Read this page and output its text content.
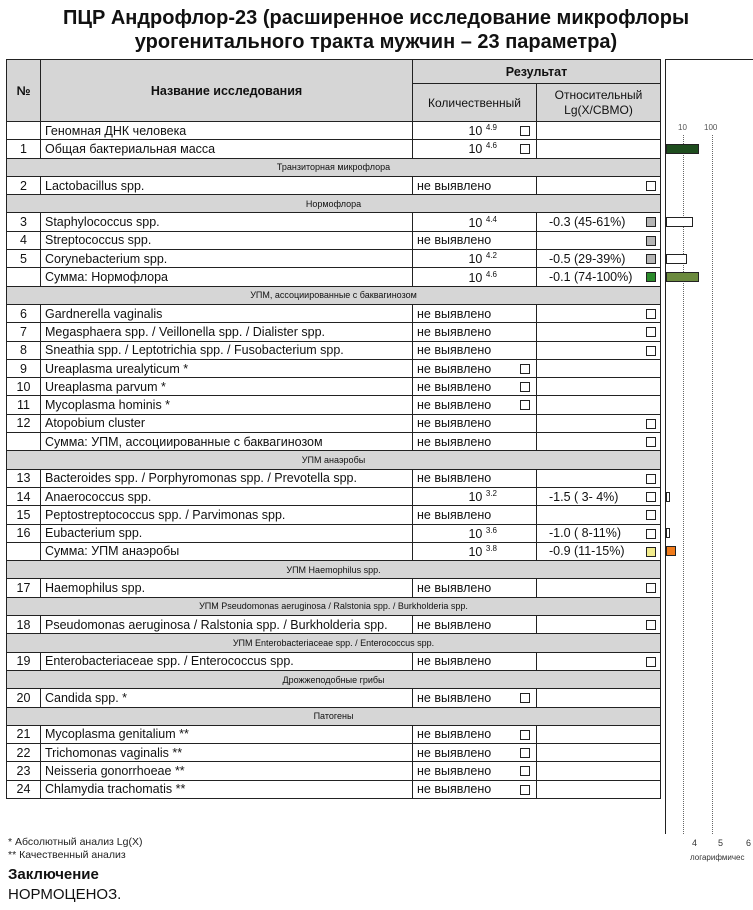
ПЦР Андрофлор-23 (расширенное исследование микрофлоры
урогенитального тракта мужчин – 23 параметра)
№	Название исследования	Результат	
		Количественный	Относительный
Lg(X/СВМО)

	Геномная ДНК человека	10 $^{4.9}$

1	Общая бактериальная масса	10 $^{4.6}$

Транзиторная микрофлора			
2	Lactobacillus spp.	не выявлено	

Нормофлора			
3	Staphylococcus spp.	10 $^{4.4}$	-0.3 (45-61%)

4	Streptococcus spp.	не выявлено	

5	Corynebacterium spp.	10 $^{4.2}$	-0.5 (29-39%)

	Сумма: Нормофлора	10 $^{4.6}$	-0.1 (74-100%)

УПМ, ассоциированные с баквагинозом			
6	Gardnerella vaginalis	не выявлено	

7	Megasphaera spp. / Veillonella spp. / Dialister spp.	не выявлено	

8	Sneathia spp. / Leptotrichia spp. / Fusobacterium spp.	не выявлено	

9	Ureaplasma urealyticum *	не выявлено

10	Ureaplasma parvum *	не выявлено

11	Mycoplasma hominis *	не выявлено

12	Atopobium cluster	не выявлено	

	Сумма: УПМ, ассоциированные с баквагинозом	не выявлено	

УПМ анаэробы			
13	Bacteroides spp. / Porphyromonas spp. / Prevotella spp.	не выявлено	

14	Anaerococcus spp.	10 $^{3.2}$	-1.5 ( 3- 4%)

15	Peptostreptococcus spp. / Parvimonas spp.	не выявлено	

16	Eubacterium spp.	10 $^{3.6}$	-1.0 ( 8-11%)

	Сумма: УПМ анаэробы	10 $^{3.8}$	-0.9 (11-15%)

УПМ Haemophilus spp.			
17	Haemophilus spp.	не выявлено	

УПМ Pseudomonas aeruginosa / Ralstonia spp. / Burkholderia spp.			
18	Pseudomonas aeruginosa / Ralstonia spp. / Burkholderia spp.	не выявлено	

УПМ Enterobacteriaceae spp. / Enterococcus spp.			
19	Enterobacteriaceae spp. / Enterococcus spp.	не выявлено	

Дрожжеподобные грибы			
20	Candida spp. *	не выявлено

Патогены			
21	Mycoplasma genitalium **	не выявлено

22	Trichomonas vaginalis **	не выявлено

23	Neisseria gonorrhoeae **	не выявлено

24	Chlamydia trachomatis **	не выявлено

10 100
4 5	6
логарифмичес
* Абсолютный анализ Lg(X)
** Качественный анализ
Заключение
НОРМОЦЕНОЗ.
